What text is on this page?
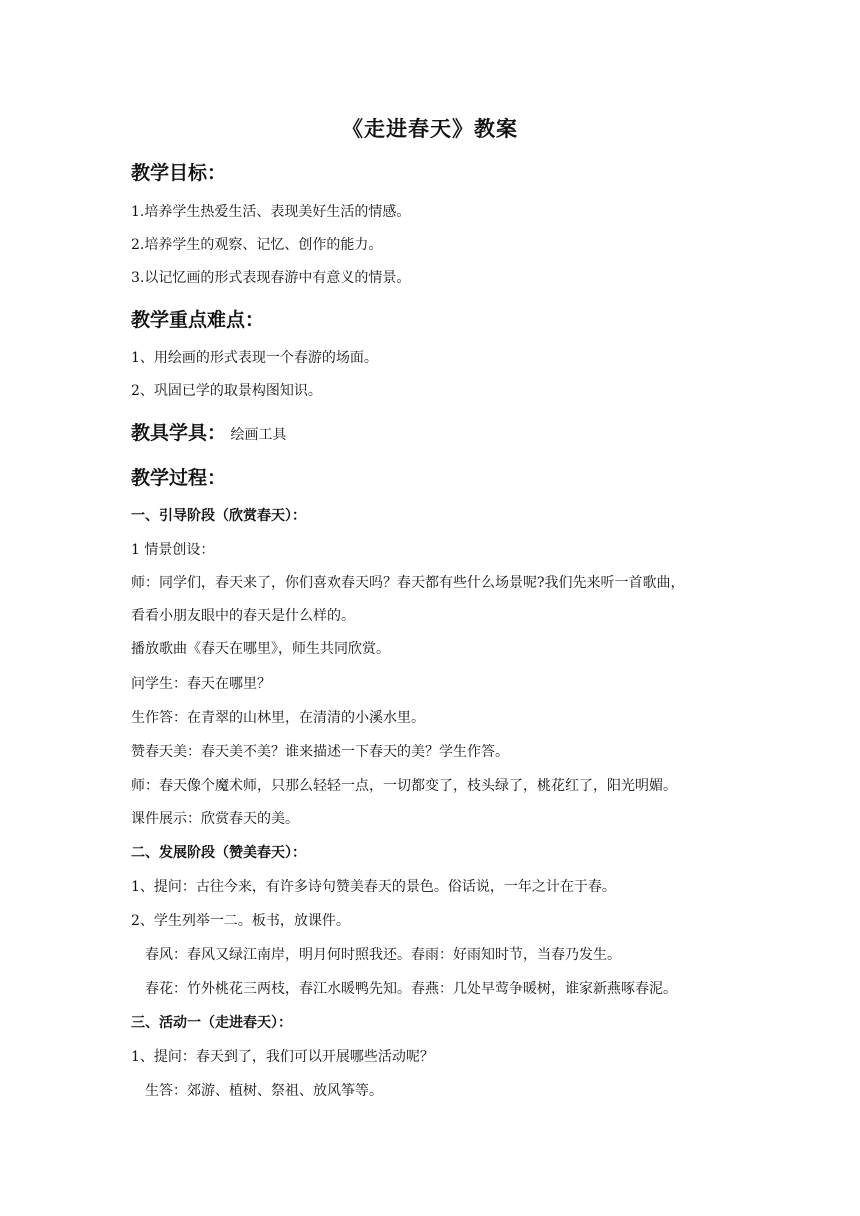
《走进春天》教案
教学目标：
1.培养学生热爱生活、表现美好生活的情感。
2.培养学生的观察、记忆、创作的能力。
3.以记忆画的形式表现春游中有意义的情景。
教学重点难点：
1、用绘画的形式表现一个春游的场面。
2、巩固已学的取景构图知识。
教具学具： 绘画工具
教学过程：
一、引导阶段（欣赏春天）：
1 情景创设：
师：同学们，春天来了，你们喜欢春天吗？春天都有些什么场景呢?我们先来听一首歌曲，
看看小朋友眼中的春天是什么样的。
播放歌曲《春天在哪里》，师生共同欣赏。
问学生：春天在哪里？
生作答：在青翠的山林里，在清清的小溪水里。
赞春天美：春天美不美？谁来描述一下春天的美？学生作答。
师：春天像个魔术师，只那么轻轻一点，一切都变了，枝头绿了，桃花红了，阳光明媚。
课件展示：欣赏春天的美。
二、发展阶段（赞美春天）：
1、提问：古往今来，有许多诗句赞美春天的景色。俗话说，一年之计在于春。
2、学生列举一二。板书，放课件。
春风：春风又绿江南岸，明月何时照我还。春雨：好雨知时节，当春乃发生。
春花：竹外桃花三两枝，春江水暖鸭先知。春燕：几处早莺争暖树，谁家新燕啄春泥。
三、活动一（走进春天）：
1、提问：春天到了，我们可以开展哪些活动呢？
生答：郊游、植树、祭祖、放风筝等。
